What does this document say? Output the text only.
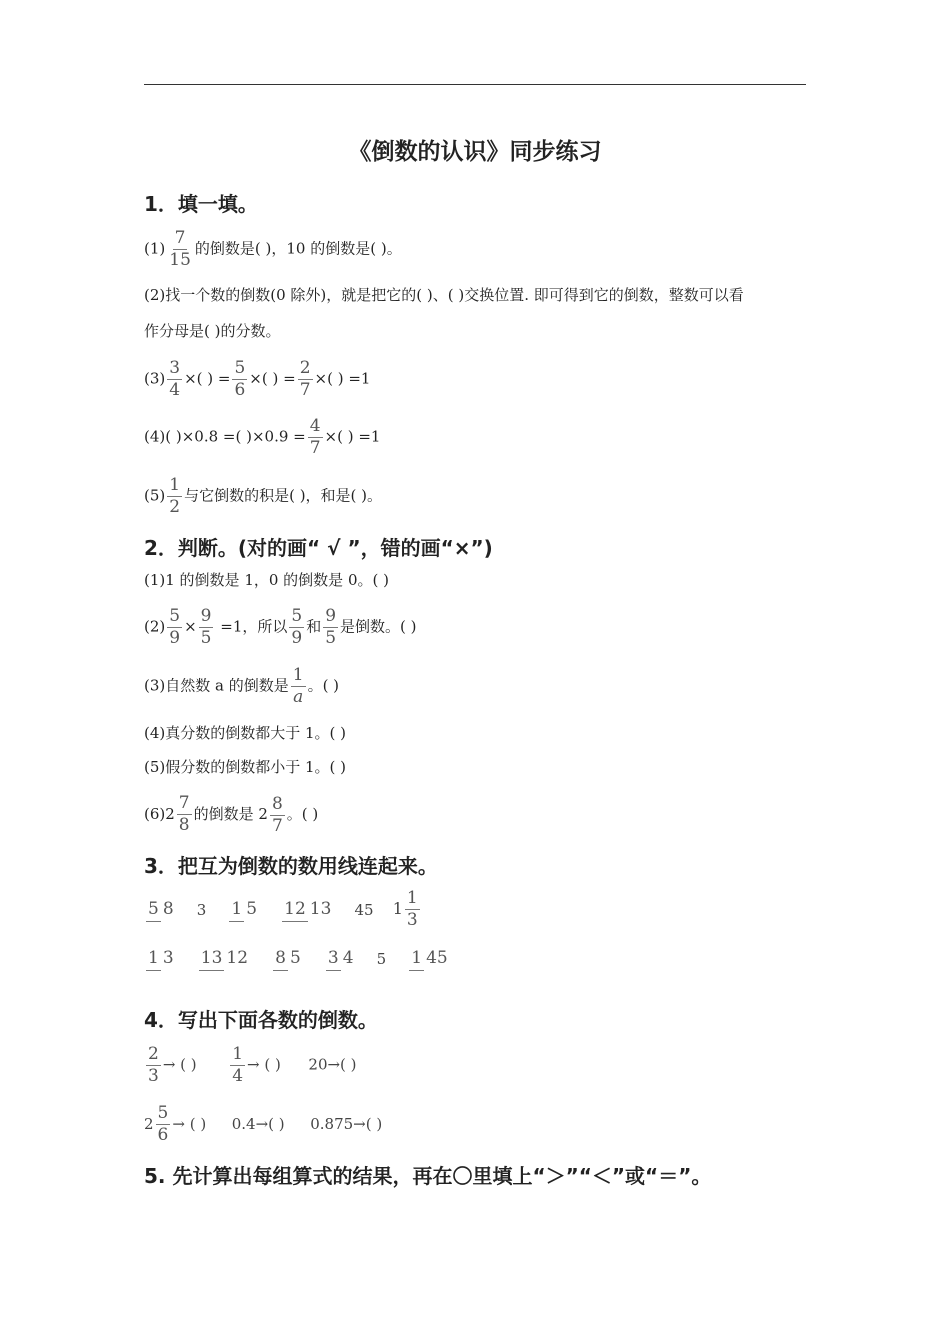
《倒数的认识》同步练习
1．填一填。
$(1) \frac{7}{15}$ 的倒数是( )，10 的倒数是( )。
(2)找一个数的倒数(0 除外)，就是把它的( )、( )交换位置. 即可得到它的倒数，整数可以看
作分母是( )的分数。
$(3) \frac{3}{4}$ ×( ) = $\frac{5}{6}$ ×( ) = $\frac{2}{7}$ ×( ) =1
(4)( )×0.8 =( )$\times 0.9 = \frac{4}{7}$ ×( ) =1
$(5) \frac{1}{2}$ 与它倒数的积是( )，和是( )。
2．判断。(对的画“ √ ”，错的画“×”)
(1)1 的倒数是 1，0 的倒数是 0。( )
$(2) \frac{5}{9} \times \frac{9}{5} =1$，所以 $\frac{5}{9}$ 和 $\frac{9}{5}$ 是倒数。( )
(3)自然数 a 的倒数是 $\frac{1}{a}$ 。( )
(4)真分数的倒数都大于 1。( )
(5)假分数的倒数都小于 1。( )
(6) $2 \frac{7}{8}$ 的倒数是 $2 \frac{8}{7}$ 。( )
3．把互为倒数的数用线连起来。
5 8 3 1 5 12 13 45 $1 \frac{1}{3}$
1 3 13 12 8 5 3 4 5 1 45
4．写出下面各数的倒数。
$\frac{2}{3}$ → ( ) $\frac{1}{4}$ → ( ) 20→( )
$2 \frac{5}{6}$ → ( ) 0.4→( ) 0.875→( )
5. 先计算出每组算式的结果，再在〇里填上“＞”“＜”或“＝”。
